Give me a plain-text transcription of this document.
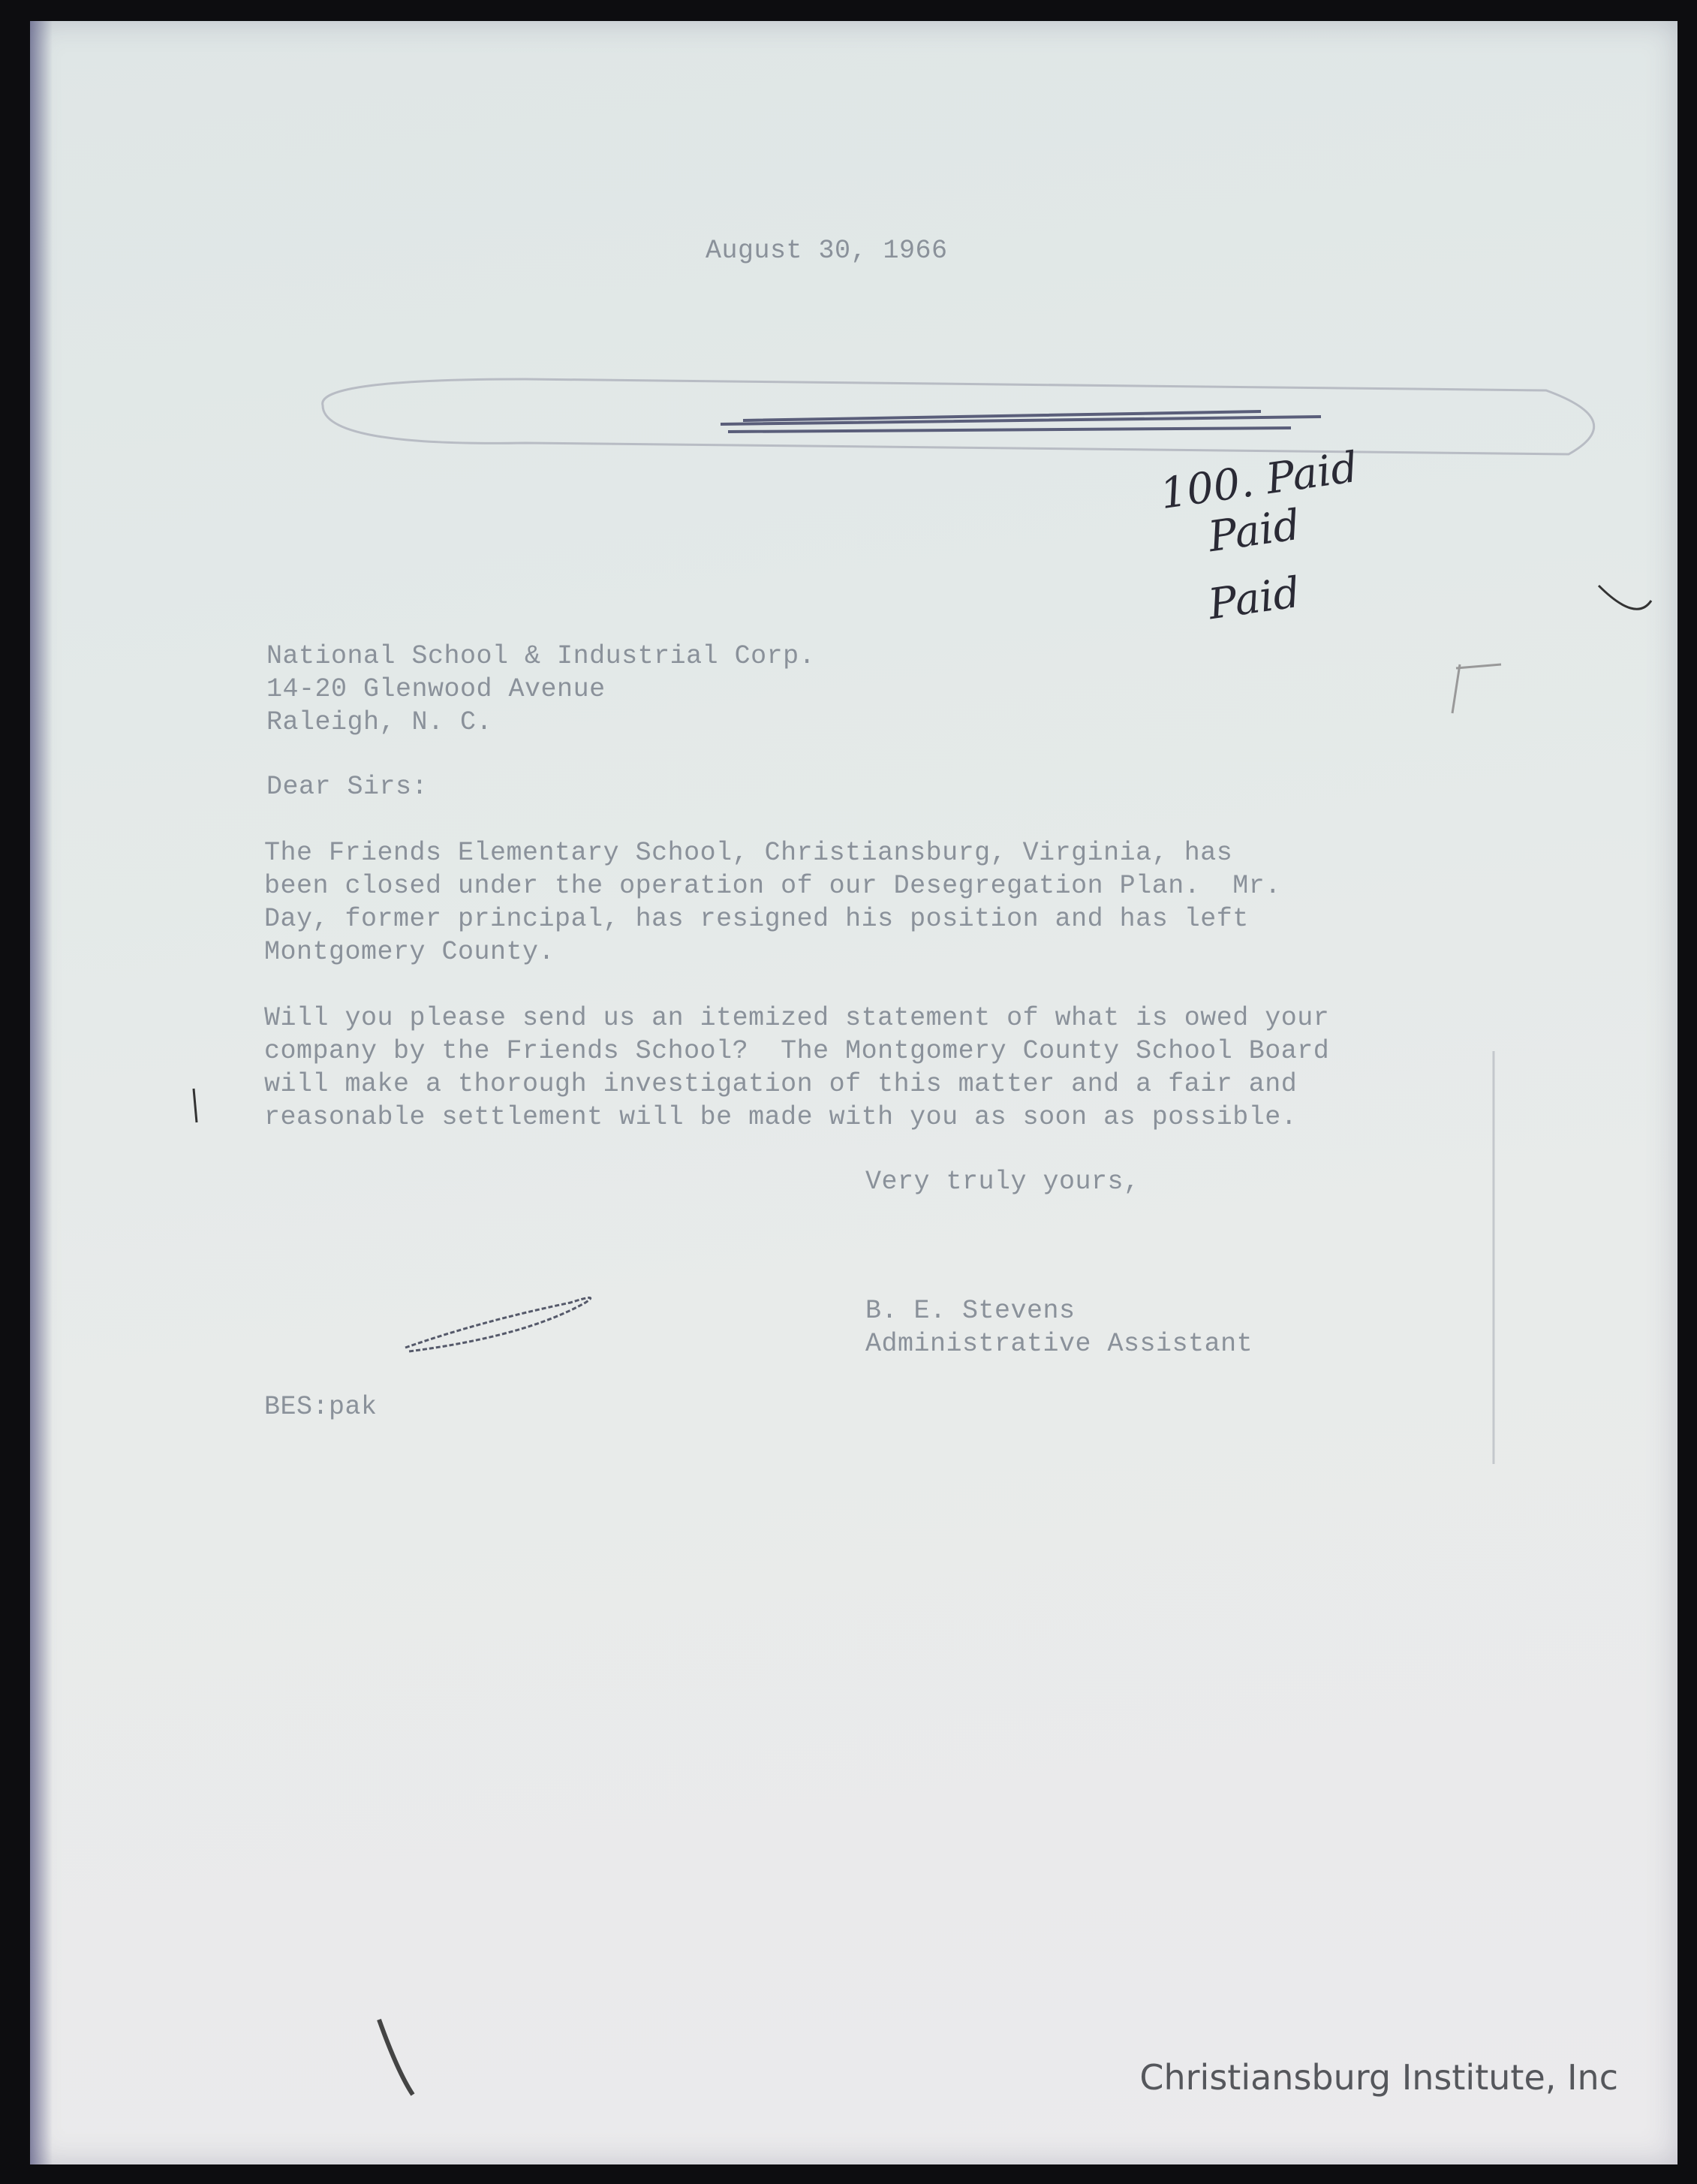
August 30, 1966
100. Paid
Paid
Paid
National School & Industrial Corp.
14-20 Glenwood Avenue
Raleigh, N. C.
Dear Sirs:
The Friends Elementary School, Christiansburg, Virginia, has
been closed under the operation of our Desegregation Plan.  Mr.
Day, former principal, has resigned his position and has left
Montgomery County.
Will you please send us an itemized statement of what is owed your
company by the Friends School?  The Montgomery County School Board
will make a thorough investigation of this matter and a fair and
reasonable settlement will be made with you as soon as possible.
Very truly yours,
B. E. Stevens
Administrative Assistant
BES:pak
Christiansburg Institute, Inc
